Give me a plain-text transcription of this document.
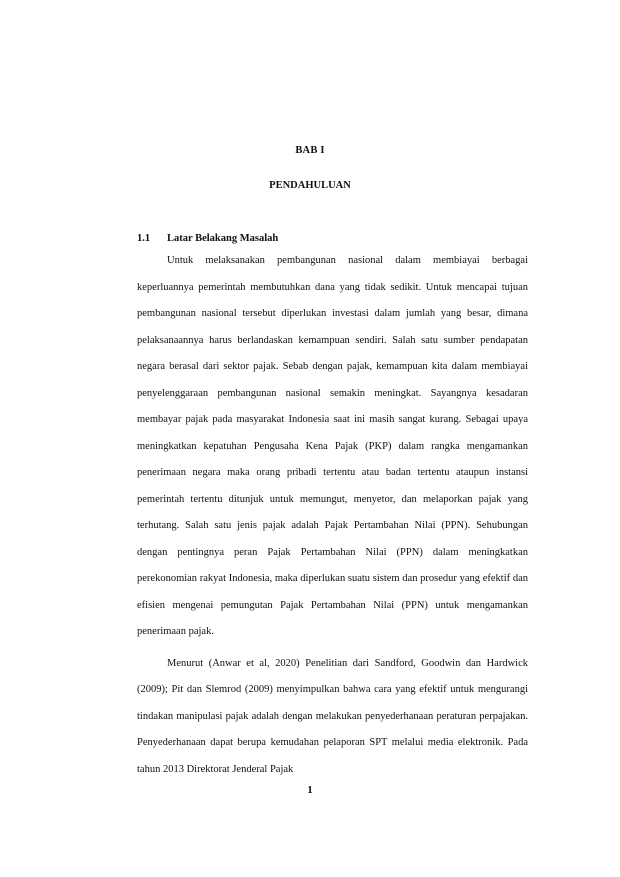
BAB I
PENDAHULUAN
1.1 Latar Belakang Masalah

Untuk melaksanakan pembangunan nasional dalam membiayai berbagai keperluannya pemerintah membutuhkan dana yang tidak sedikit. Untuk mencapai tujuan pembangunan nasional tersebut diperlukan investasi dalam jumlah yang besar, dimana pelaksanaannya harus berlandaskan kemampuan sendiri. Salah satu sumber pendapatan negara berasal dari sektor pajak. Sebab dengan pajak, kemampuan kita dalam membiayai penyelenggaraan pembangunan nasional semakin meningkat. Sayangnya kesadaran membayar pajak pada masyarakat Indonesia saat ini masih sangat kurang. Sebagai upaya meningkatkan kepatuhan Pengusaha Kena Pajak (PKP) dalam rangka mengamankan penerimaan negara maka orang pribadi tertentu atau badan tertentu ataupun instansi pemerintah tertentu ditunjuk untuk memungut, menyetor, dan melaporkan pajak yang terhutang. Salah satu jenis pajak adalah Pajak Pertambahan Nilai (PPN). Sehubungan dengan pentingnya peran Pajak Pertambahan Nilai (PPN) dalam meningkatkan perekonomian rakyat Indonesia, maka diperlukan suatu sistem dan prosedur yang efektif dan efisien mengenai pemungutan Pajak Pertambahan Nilai (PPN) untuk mengamankan penerimaan pajak.

Menurut (Anwar et al, 2020) Penelitian dari Sandford, Goodwin dan Hardwick (2009); Pit dan Slemrod (2009) menyimpulkan bahwa cara yang efektif untuk mengurangi tindakan manipulasi pajak adalah dengan melakukan penyederhanaan peraturan perpajakan. Penyederhanaan dapat berupa kemudahan pelaporan SPT melalui media elektronik. Pada tahun 2013 Direktorat Jenderal Pajak

1
